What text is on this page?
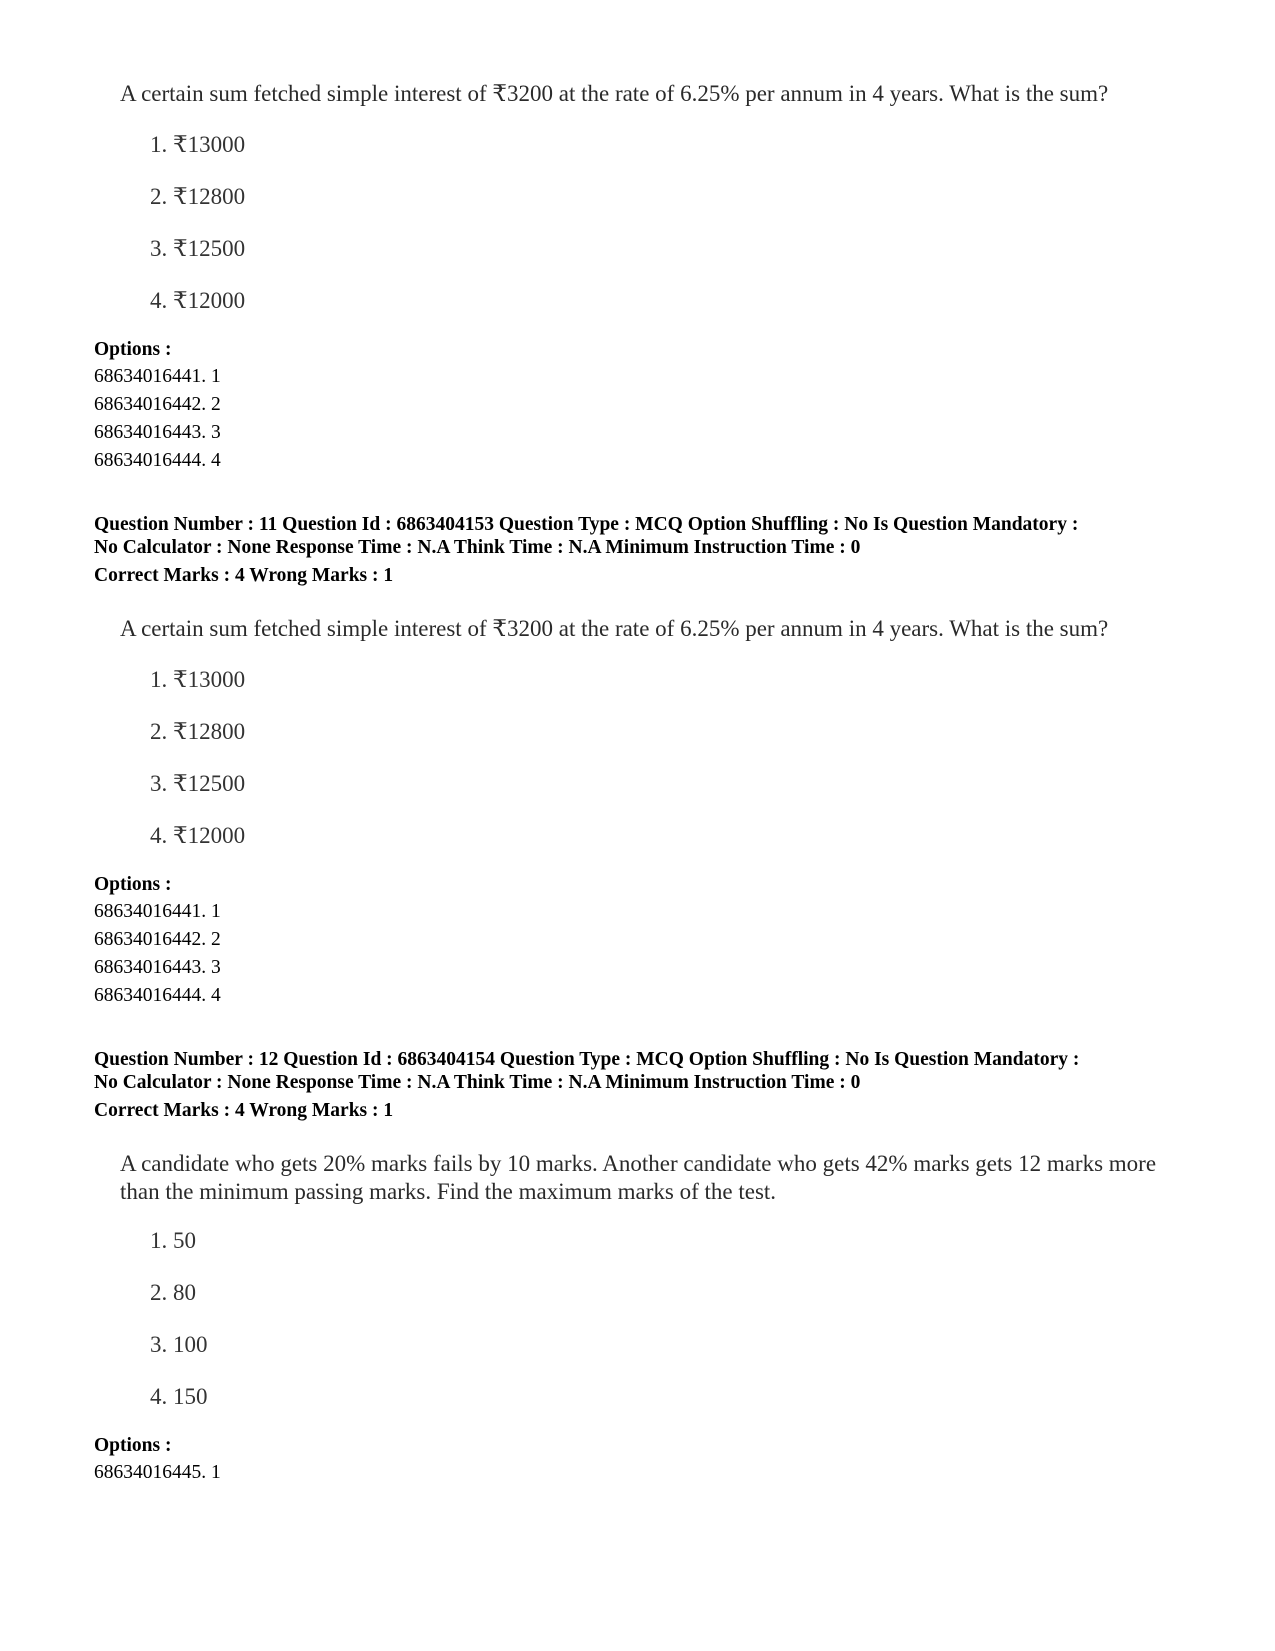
A certain sum fetched simple interest of ₹3200 at the rate of 6.25% per annum in 4 years. What is the sum?
1. ₹13000
2. ₹12800
3. ₹12500
4. ₹12000
Options :
68634016441. 1
68634016442. 2
68634016443. 3
68634016444. 4
Question Number : 11 Question Id : 6863404153 Question Type : MCQ Option Shuffling : No Is Question Mandatory :
No Calculator : None Response Time : N.A Think Time : N.A Minimum Instruction Time : 0
Correct Marks : 4 Wrong Marks : 1
A certain sum fetched simple interest of ₹3200 at the rate of 6.25% per annum in 4 years. What is the sum?
1. ₹13000
2. ₹12800
3. ₹12500
4. ₹12000
Options :
68634016441. 1
68634016442. 2
68634016443. 3
68634016444. 4
Question Number : 12 Question Id : 6863404154 Question Type : MCQ Option Shuffling : No Is Question Mandatory :
No Calculator : None Response Time : N.A Think Time : N.A Minimum Instruction Time : 0
Correct Marks : 4 Wrong Marks : 1
A candidate who gets 20% marks fails by 10 marks. Another candidate who gets 42% marks gets 12 marks more than the minimum passing marks. Find the maximum marks of the test.
1. 50
2. 80
3. 100
4. 150
Options :
68634016445. 1
